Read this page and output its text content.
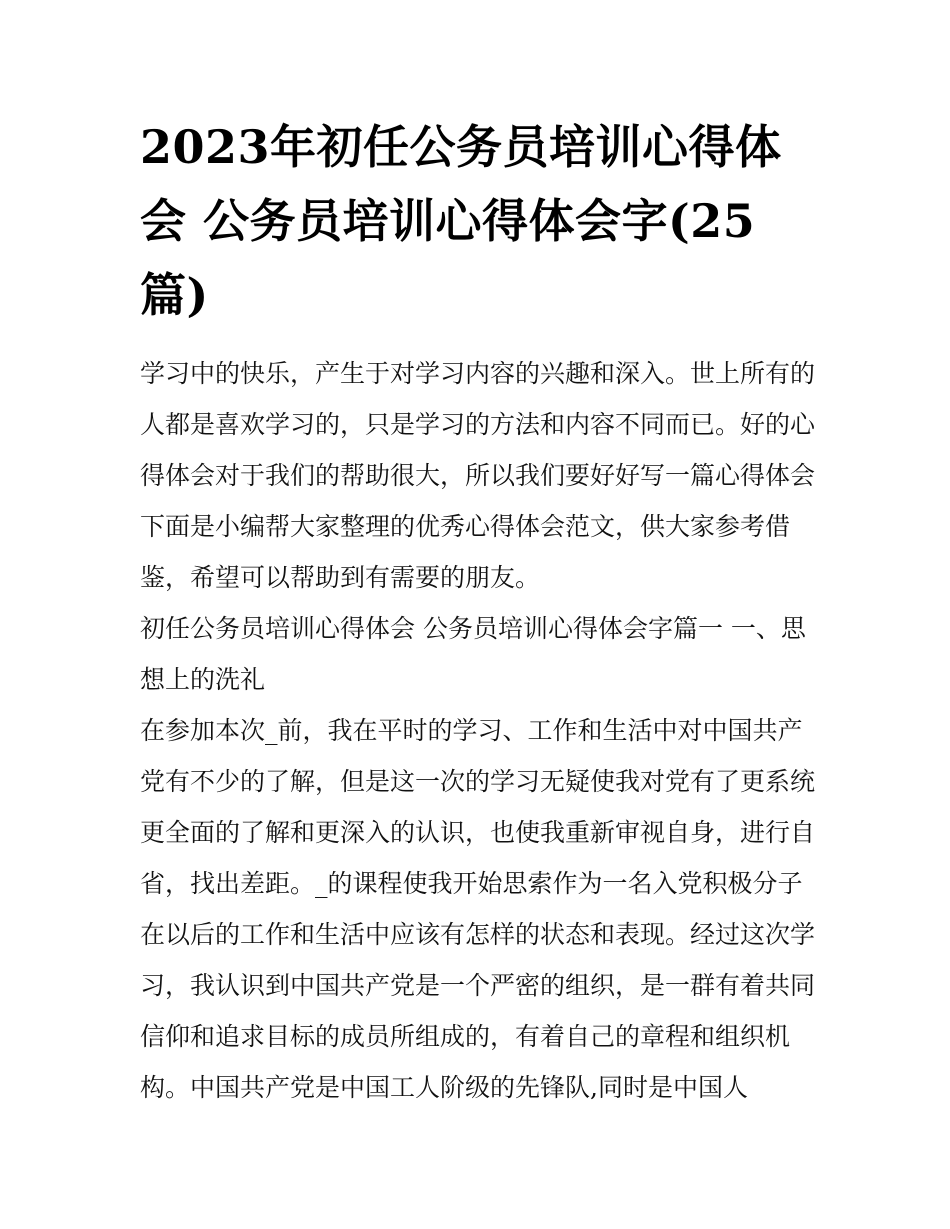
2023年初任公务员培训心得体
会 公务员培训心得体会字(25
篇)
学习中的快乐，产生于对学习内容的兴趣和深入。世上所有的
人都是喜欢学习的，只是学习的方法和内容不同而已。好的心
得体会对于我们的帮助很大，所以我们要好好写一篇心得体会
下面是小编帮大家整理的优秀心得体会范文，供大家参考借
鉴，希望可以帮助到有需要的朋友。
初任公务员培训心得体会 公务员培训心得体会字篇一 一、思
想上的洗礼
在参加本次_前，我在平时的学习、工作和生活中对中国共产
党有不少的了解，但是这一次的学习无疑使我对党有了更系统
更全面的了解和更深入的认识，也使我重新审视自身，进行自
省，找出差距。_的课程使我开始思索作为一名入党积极分子
在以后的工作和生活中应该有怎样的状态和表现。经过这次学
习，我认识到中国共产党是一个严密的组织，是一群有着共同
信仰和追求目标的成员所组成的，有着自己的章程和组织机
构。中国共产党是中国工人阶级的先锋队,同时是中国人
